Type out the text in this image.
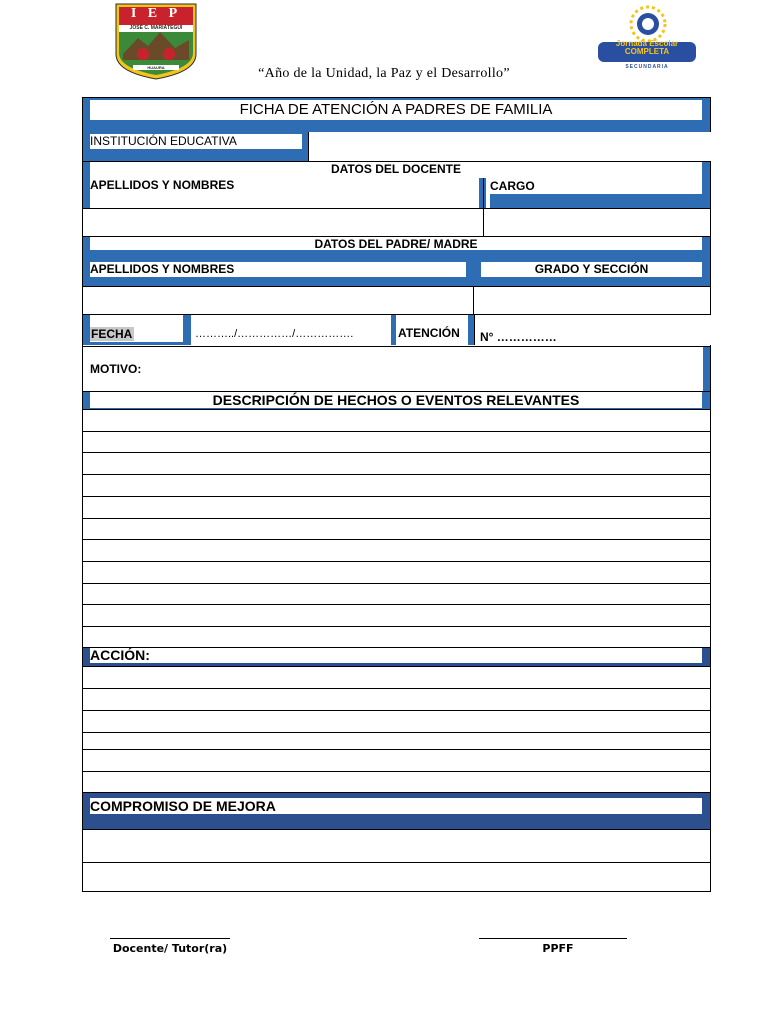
I E P
JOSÉ C. MARIÁTEGUI
HUAURA
Jornada Escolar COMPLETA
SECUNDARIA
“Año de la Unidad, la Paz y el Desarrollo”
FICHA DE ATENCIÓN A PADRES DE FAMILIA
INSTITUCIÓN EDUCATIVA
DATOS DEL DOCENTE
APELLIDOS Y NOMBRES	CARGO
DATOS DEL PADRE/ MADRE
APELLIDOS Y NOMBRES	GRADO Y SECCIÓN
FECHA	………../……………/…………….	ATENCIÓN N° ……………
MOTIVO:
DESCRIPCIÓN DE HECHOS O EVENTOS RELEVANTES
ACCIÓN:
COMPROMISO DE MEJORA
Docente/ Tutor(ra)	PPFF
